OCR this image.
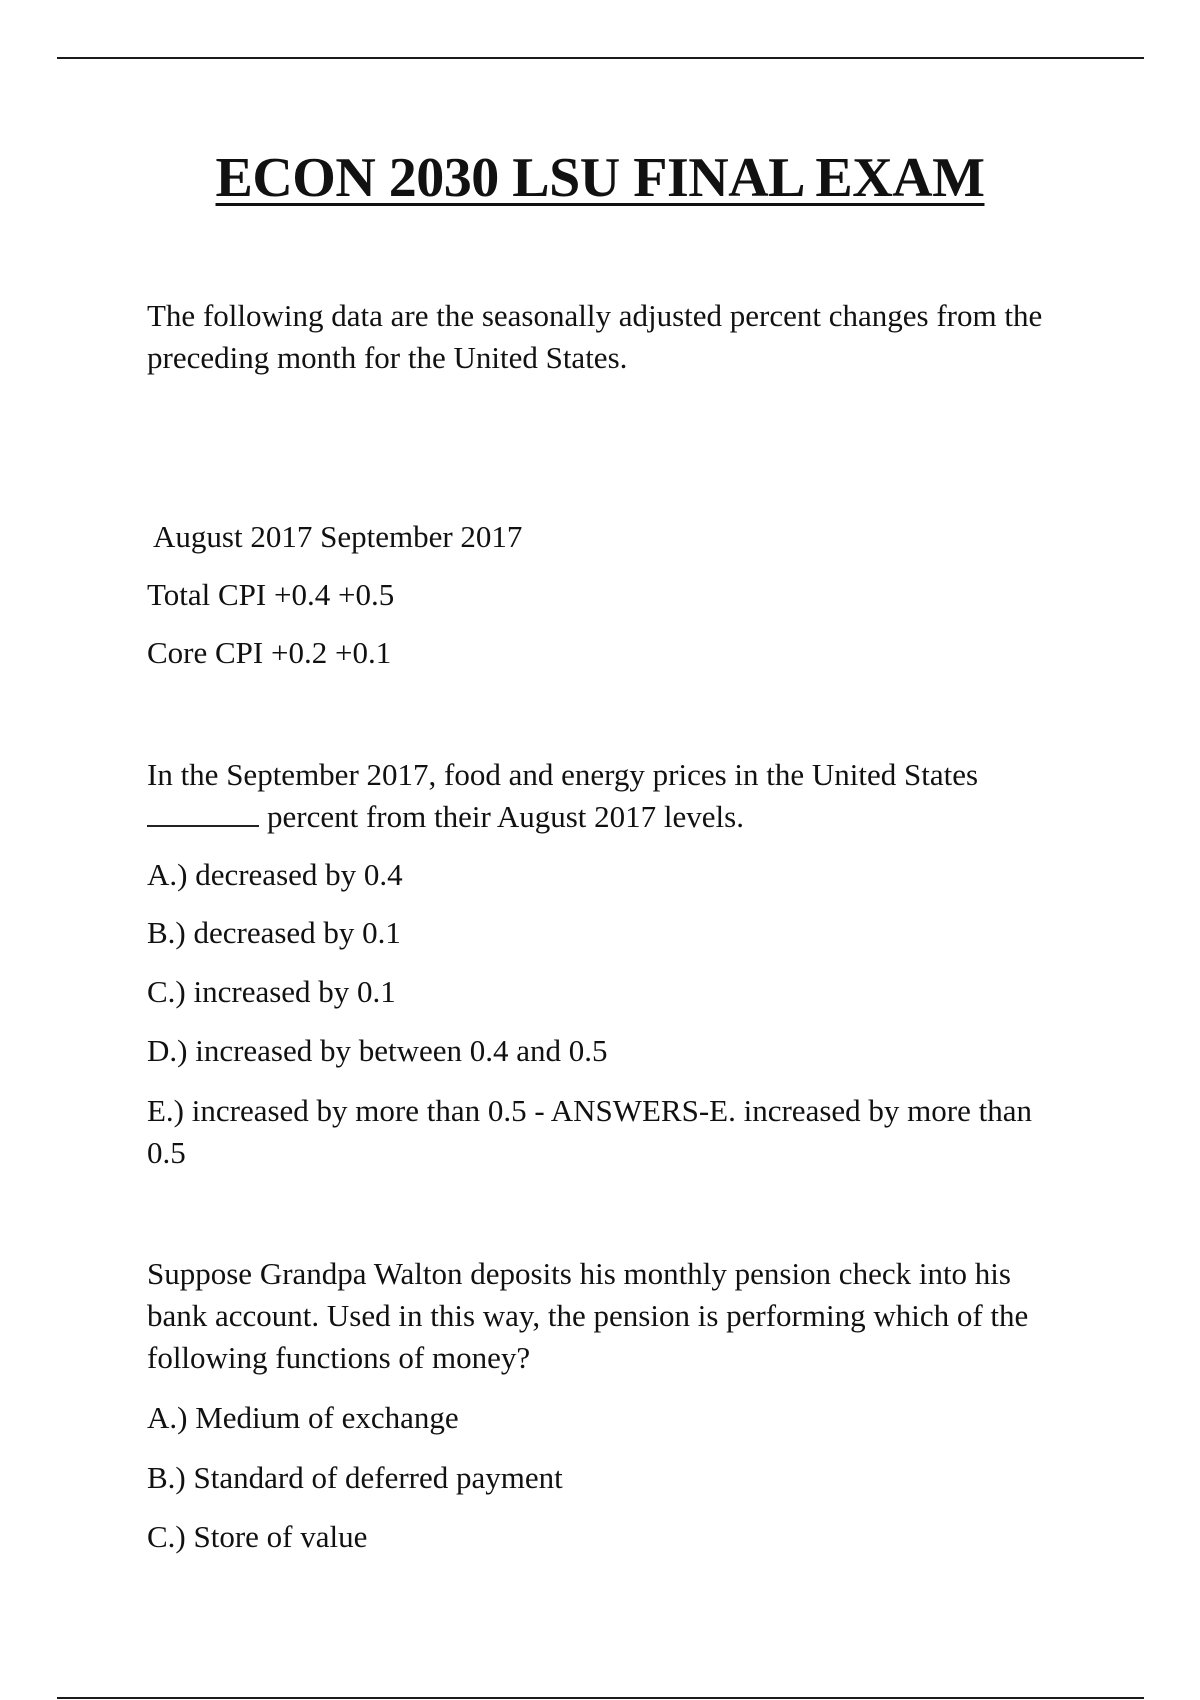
ECON 2030 LSU FINAL EXAM

The following data are the seasonally adjusted percent changes from the preceding month for the United States.

August 2017 September 2017

Total CPI +0.4 +0.5

Core CPI +0.2 +0.1

In the September 2017, food and energy prices in the United States
percent from their August 2017 levels.

A.) decreased by 0.4

B.) decreased by 0.1

C.) increased by 0.1

D.) increased by between 0.4 and 0.5

E.) increased by more than 0.5 - ANSWERS-E. increased by more than 0.5

Suppose Grandpa Walton deposits his monthly pension check into his bank account. Used in this way, the pension is performing which of the following functions of money?

A.) Medium of exchange

B.) Standard of deferred payment

C.) Store of value
